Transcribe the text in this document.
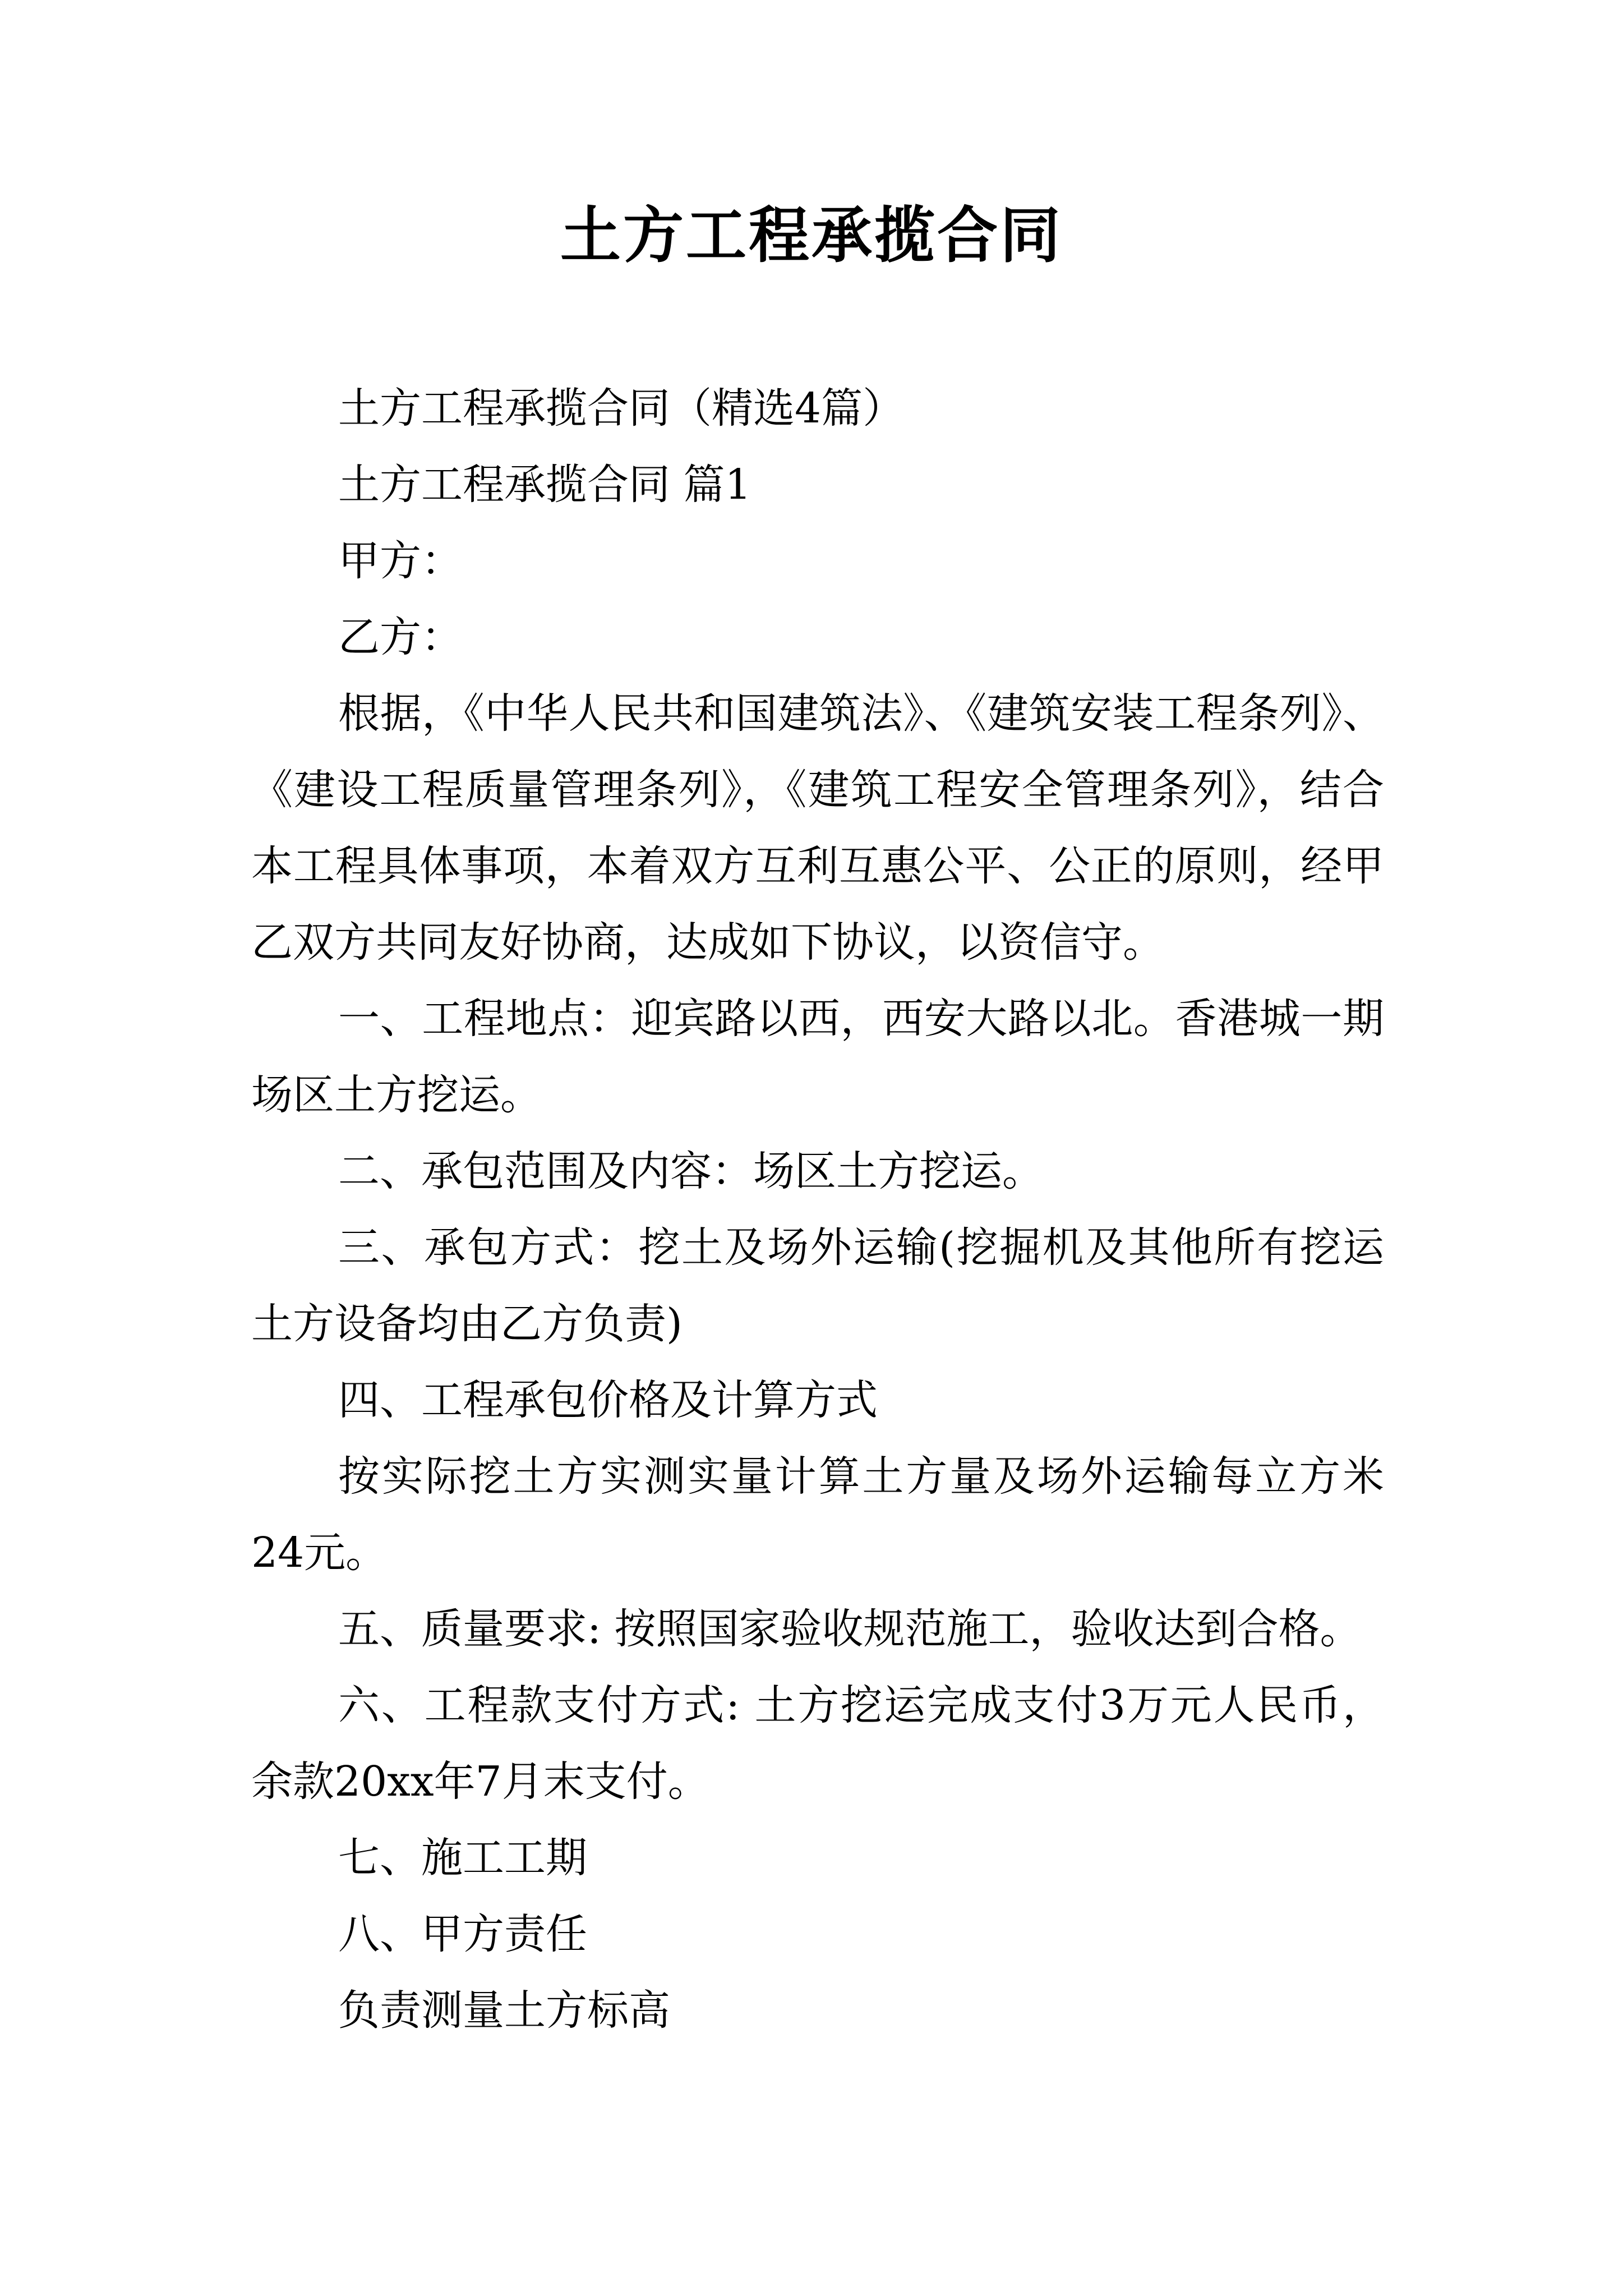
土方工程承揽合同

土方工程承揽合同（精选4篇）

土方工程承揽合同 篇1

甲方：

乙方：

根据，《中华人民共和国建筑法》、《建筑安装工程条列》、《建设工程质量管理条列》，《建筑工程安全管理条列》，结合本工程具体事项，本着双方互利互惠公平、公正的原则，经甲乙双方共同友好协商，达成如下协议，以资信守。

一、工程地点：迎宾路以西，西安大路以北。香港城一期场区土方挖运。

二、承包范围及内容：场区土方挖运。

三、承包方式：挖土及场外运输(挖掘机及其他所有挖运土方设备均由乙方负责)

四、工程承包价格及计算方式

按实际挖土方实测实量计算土方量及场外运输每立方米24元。

五、质量要求: 按照国家验收规范施工，验收达到合格。

六、工程款支付方式: 土方挖运完成支付3万元人民币，余款20xx年7月末支付。

七、施工工期

八、甲方责任

负责测量土方标高
